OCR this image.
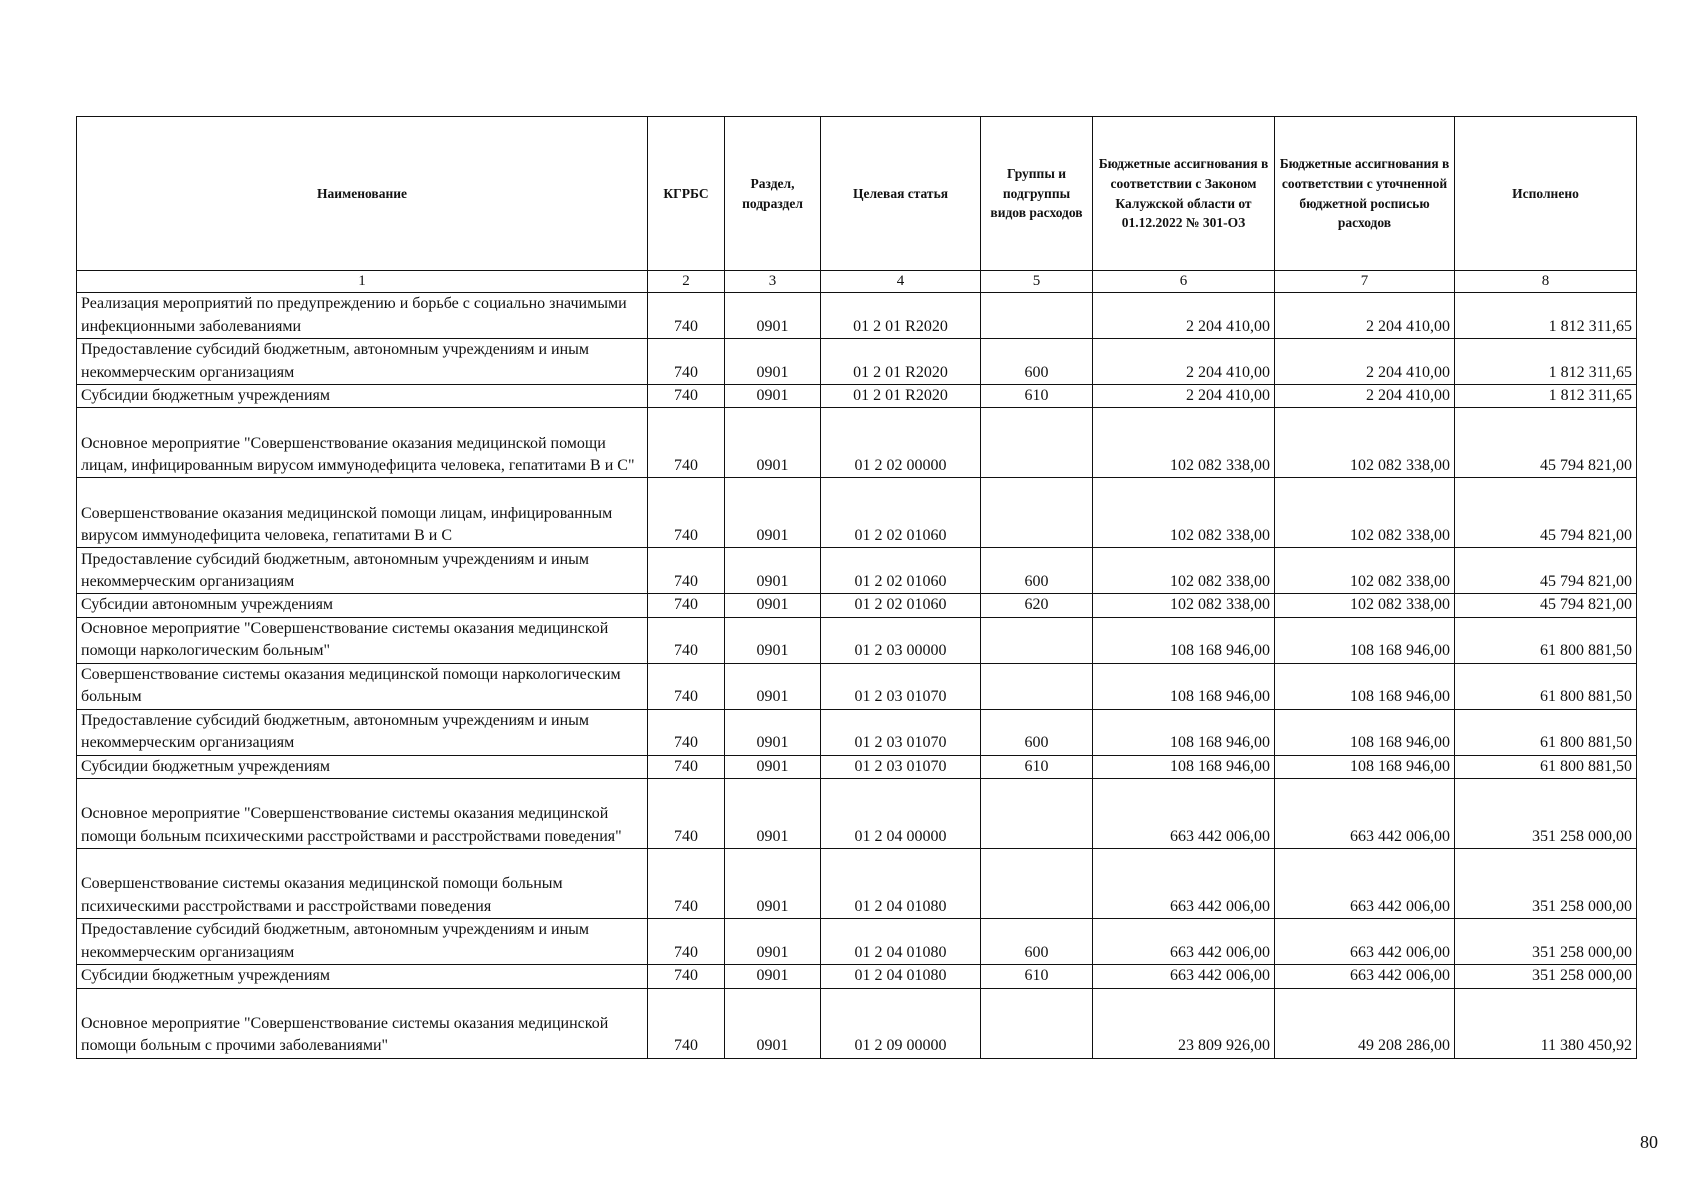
Наименование	КГРБС	Раздел, подраздел	Целевая статья	Группы и подгруппы видов расходов	Бюджетные ассигнования в соответствии с Законом Калужской области от 01.12.2022 № 301-ОЗ	Бюджетные ассигнования в соответствии с уточненной бюджетной росписью расходов	Исполнено
1	2	3	4	5	6	7	8
Реализация мероприятий по предупреждению и борьбе с социально значимыми инфекционными заболеваниями	740	0901	01 2 01 R2020		2 204 410,00	2 204 410,00	1 812 311,65
Предоставление субсидий бюджетным, автономным учреждениям и иным некоммерческим организациям	740	0901	01 2 01 R2020	600	2 204 410,00	2 204 410,00	1 812 311,65
Субсидии бюджетным учреждениям	740	0901	01 2 01 R2020	610	2 204 410,00	2 204 410,00	1 812 311,65
Основное мероприятие "Совершенствование оказания медицинской помощи лицам, инфицированным вирусом иммунодефицита человека, гепатитами В и С"	740	0901	01 2 02 00000		102 082 338,00	102 082 338,00	45 794 821,00
Совершенствование оказания медицинской помощи лицам, инфицированным вирусом иммунодефицита человека, гепатитами В и С	740	0901	01 2 02 01060		102 082 338,00	102 082 338,00	45 794 821,00
Предоставление субсидий бюджетным, автономным учреждениям и иным некоммерческим организациям	740	0901	01 2 02 01060	600	102 082 338,00	102 082 338,00	45 794 821,00
Субсидии автономным учреждениям	740	0901	01 2 02 01060	620	102 082 338,00	102 082 338,00	45 794 821,00
Основное мероприятие "Совершенствование системы оказания медицинской помощи наркологическим больным"	740	0901	01 2 03 00000		108 168 946,00	108 168 946,00	61 800 881,50
Совершенствование системы оказания медицинской помощи наркологическим больным	740	0901	01 2 03 01070		108 168 946,00	108 168 946,00	61 800 881,50
Предоставление субсидий бюджетным, автономным учреждениям и иным некоммерческим организациям	740	0901	01 2 03 01070	600	108 168 946,00	108 168 946,00	61 800 881,50
Субсидии бюджетным учреждениям	740	0901	01 2 03 01070	610	108 168 946,00	108 168 946,00	61 800 881,50
Основное мероприятие "Совершенствование системы оказания медицинской помощи больным психическими расстройствами и расстройствами поведения"	740	0901	01 2 04 00000		663 442 006,00	663 442 006,00	351 258 000,00
Совершенствование системы оказания медицинской помощи больным психическими расстройствами и расстройствами поведения	740	0901	01 2 04 01080		663 442 006,00	663 442 006,00	351 258 000,00
Предоставление субсидий бюджетным, автономным учреждениям и иным некоммерческим организациям	740	0901	01 2 04 01080	600	663 442 006,00	663 442 006,00	351 258 000,00
Субсидии бюджетным учреждениям	740	0901	01 2 04 01080	610	663 442 006,00	663 442 006,00	351 258 000,00
Основное мероприятие "Совершенствование системы оказания медицинской помощи больным с прочими заболеваниями"	740	0901	01 2 09 00000		23 809 926,00	49 208 286,00	11 380 450,92
80
